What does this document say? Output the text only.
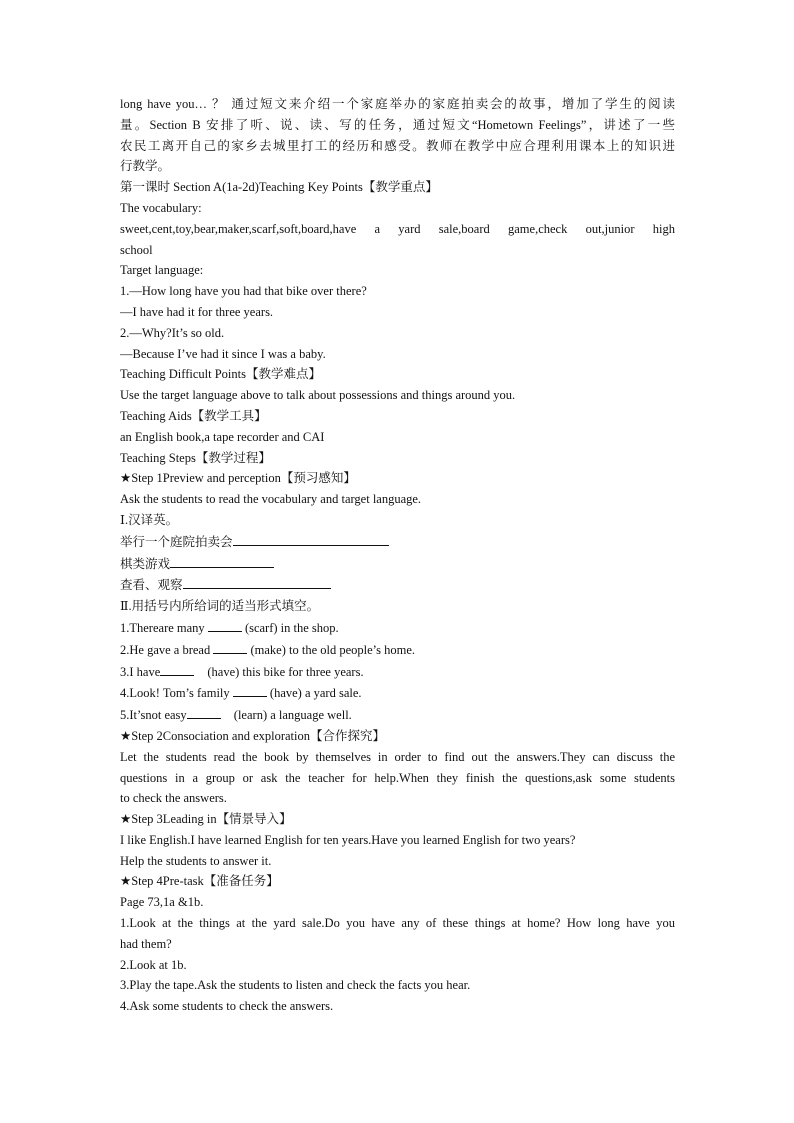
long have you… ？ 通过短文来介绍一个家庭举办的家庭拍卖会的故事，增加了学生的阅读
量。Section B 安排了听、说、读、写的任务，通过短文“Hometown Feelings”，讲述了一些
农民工离开自己的家乡去城里打工的经历和感受。教师在教学中应合理利用课本上的知识进
行教学。
第一课时 Section A(1a-2d)Teaching Key Points【教学重点】
The vocabulary:
sweet,cent,toy,bear,maker,scarf,soft,board,have a yard sale,board game,check out,junior high
school
Target language:
1.—How long have you had that bike over there?
—I have had it for three years.
2.—Why?It’s so old.
—Because I’ve had it since I was a baby.
Teaching Difficult Points【教学难点】
Use the target language above to talk about possessions and things around you.
Teaching Aids【教学工具】
an English book,a tape recorder and CAI
Teaching Steps【教学过程】
★Step 1Preview and perception【预习感知】
Ask the students to read the vocabulary and target language.
Ⅰ.汉译英。
举行一个庭院拍卖会
棋类游戏
查看、观察
Ⅱ.用括号内所给词的适当形式填空。
1.Thereare many	(scarf) in the shop.
2.He gave a bread	(make) to the old people’s home.
3.I have	(have) this bike for three years.
4.Look! Tom’s family	(have) a yard sale.
5.It’snot easy	(learn) a language well.
★Step 2Consociation and exploration【合作探究】
Let the students read the book by themselves in order to find out the answers.They can discuss the
questions in a group or ask the teacher for help.When they finish the questions,ask some students
to check the answers.
★Step 3Leading in【情景导入】
I like English.I have learned English for ten years.Have you learned English for two years?
Help the students to answer it.
★Step 4Pre-task【准备任务】
Page 73,1a &1b.
1.Look at the things at the yard sale.Do you have any of these things at home? How long have you
had them?
2.Look at 1b.
3.Play the tape.Ask the students to listen and check the facts you hear.
4.Ask some students to check the answers.
